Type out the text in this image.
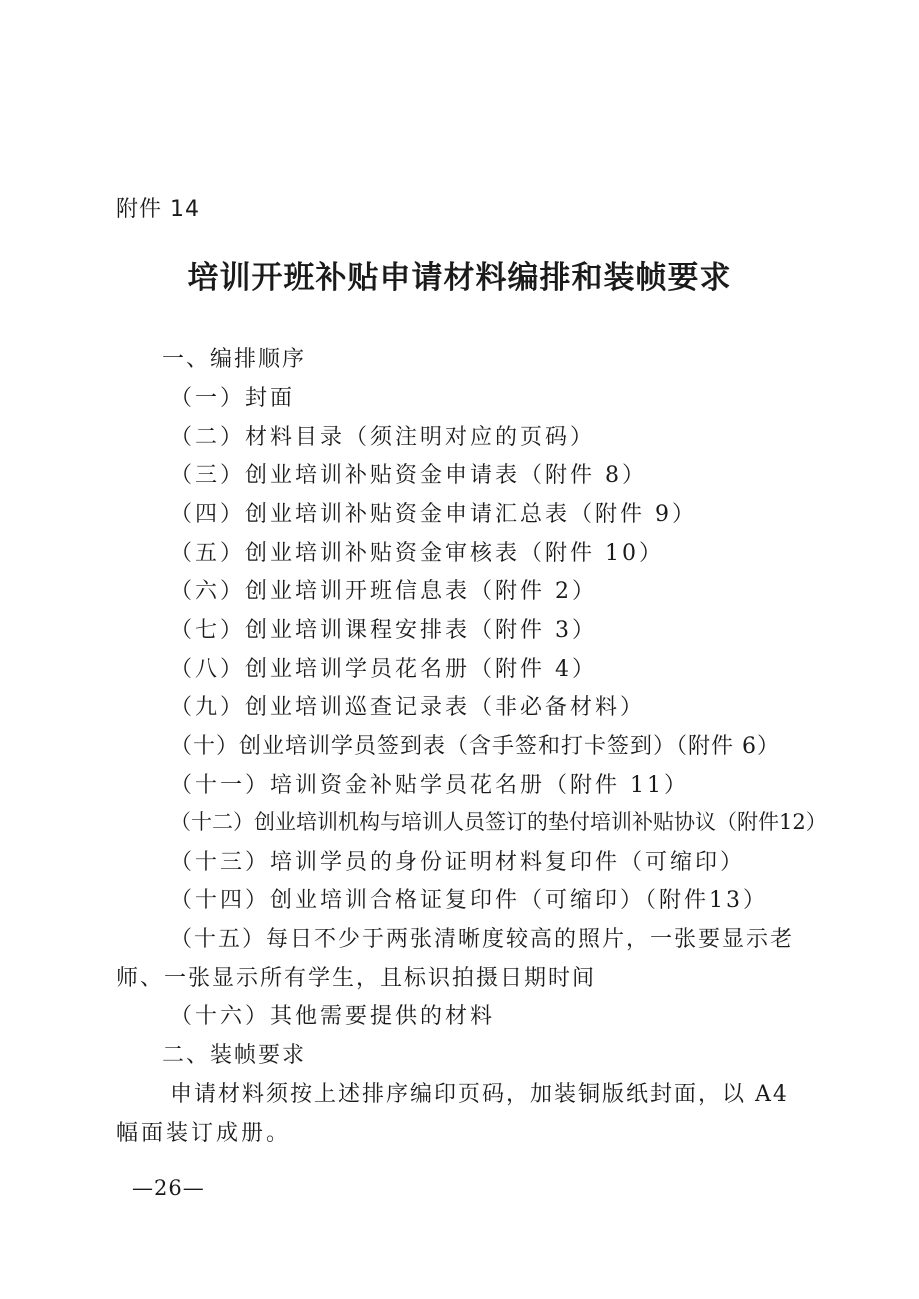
附件 14
培训开班补贴申请材料编排和装帧要求
一、编排顺序
（一）封面
（二）材料目录（须注明对应的页码）
（三）创业培训补贴资金申请表（附件 8）
（四）创业培训补贴资金申请汇总表（附件 9）
（五）创业培训补贴资金审核表（附件 10）
（六）创业培训开班信息表（附件 2）
（七）创业培训课程安排表（附件 3）
（八）创业培训学员花名册（附件 4）
（九）创业培训巡查记录表（非必备材料）
（十）创业培训学员签到表（含手签和打卡签到）（附件 6）
（十一）培训资金补贴学员花名册（附件 11）
（十二）创业培训机构与培训人员签订的垫付培训补贴协议（附件12）
（十三）培训学员的身份证明材料复印件（可缩印）
（十四）创业培训合格证复印件（可缩印）（附件13）
（十五）每日不少于两张清晰度较高的照片，一张要显示老
师、一张显示所有学生，且标识拍摄日期时间
（十六）其他需要提供的材料
二、装帧要求
申请材料须按上述排序编印页码，加装铜版纸封面，以 A4
幅面装订成册。
—26—
